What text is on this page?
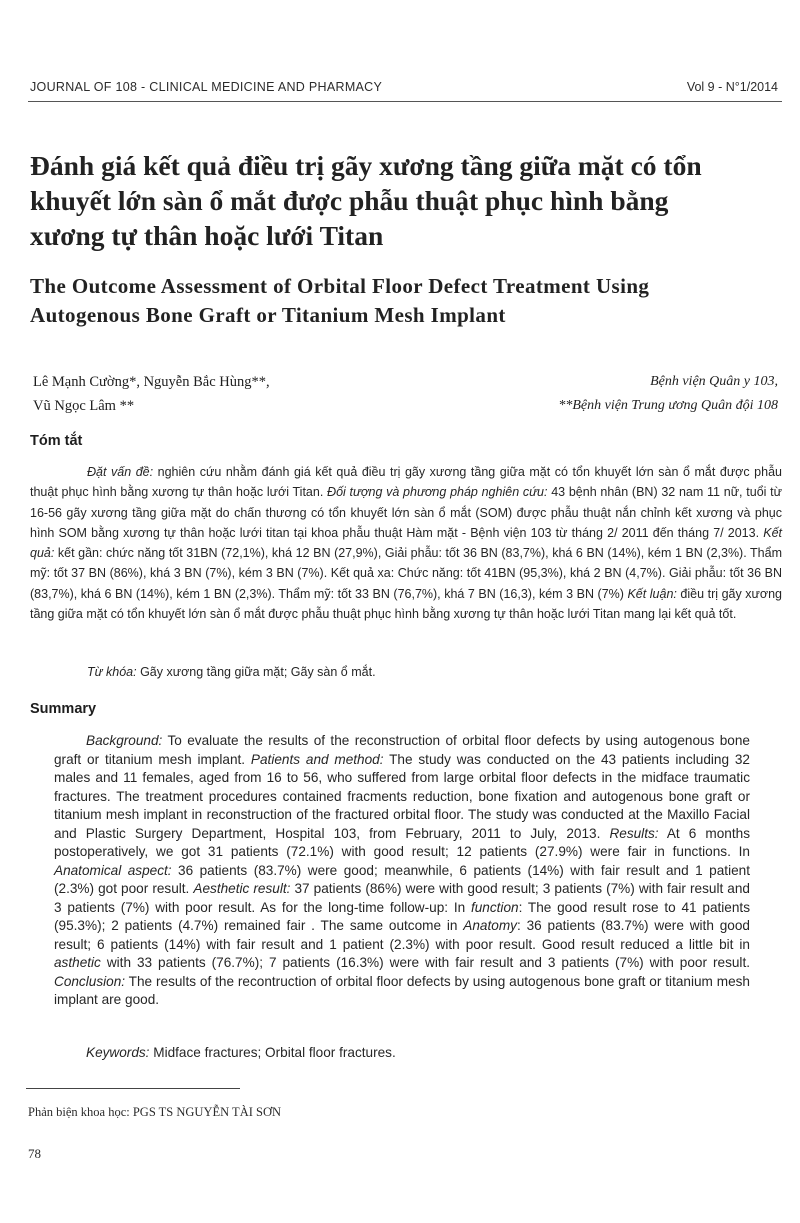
JOURNAL OF 108 - CLINICAL MEDICINE AND PHARMACY	Vol 9 - N°1/2014
Đánh giá kết quả điều trị gãy xương tầng giữa mặt có tổn
khuyết lớn sàn ổ mắt được phẫu thuật phục hình bằng
xương tự thân hoặc lưới Titan
The Outcome Assessment of Orbital Floor Defect Treatment Using
Autogenous Bone Graft or Titanium Mesh Implant
Lê Mạnh Cường*, Nguyễn Bắc Hùng**,
Vũ Ngọc Lâm **
Bệnh viện Quân y 103,
**Bệnh viện Trung ương Quân đội 108
Tóm tắt
Đặt vấn đề: nghiên cứu nhằm đánh giá kết quả điều trị gãy xương tầng giữa mặt có tổn khuyết lớn sàn ổ mắt được phẫu thuật phục hình bằng xương tự thân hoặc lưới Titan. Đối tượng và phương pháp nghiên cứu: 43 bệnh nhân (BN) 32 nam 11 nữ, tuổi từ 16-56 gãy xương tầng giữa mặt do chấn thương có tổn khuyết lớn sàn ổ mắt (SOM) được phẫu thuật nắn chỉnh kết xương và phục hình SOM bằng xương tự thân hoặc lưới titan tại khoa phẫu thuật Hàm mặt - Bệnh viện 103 từ tháng 2/ 2011 đến tháng 7/ 2013. Kết quả: kết gần: chức năng tốt 31BN (72,1%), khá 12 BN (27,9%), Giải phẫu: tốt 36 BN (83,7%), khá 6 BN (14%), kém 1 BN (2,3%). Thẩm mỹ: tốt 37 BN (86%), khá 3 BN (7%), kém 3 BN (7%). Kết quả xa: Chức năng: tốt 41BN (95,3%), khá 2 BN (4,7%). Giải phẫu: tốt 36 BN (83,7%), khá 6 BN (14%), kém 1 BN (2,3%). Thẩm mỹ: tốt 33 BN (76,7%), khá 7 BN (16,3), kém 3 BN (7%) Kết luận: điều trị gãy xương tầng giữa mặt có tổn khuyết lớn sàn ổ mắt được phẫu thuật phục hình bằng xương tự thân hoặc lưới Titan mang lại kết quả tốt.
Từ khóa: Gãy xương tầng giữa mặt; Gãy sàn ổ mắt.
Summary
Background: To evaluate the results of the reconstruction of orbital floor defects by using autogenous bone graft or titanium mesh implant. Patients and method: The study was conducted on the 43 patients including 32 males and 11 females, aged from 16 to 56, who suffered from large orbital floor defects in the midface traumatic fractures. The treatment procedures contained fracments reduction, bone fixation and autogenous bone graft or titanium mesh implant in reconstruction of the fractured orbital floor. The study was conducted at the Maxillo Facial and Plastic Surgery Department, Hospital 103, from February, 2011 to July, 2013. Results: At 6 months postoperatively, we got 31 patients (72.1%) with good result; 12 patients (27.9%) were fair in functions. In Anatomical aspect: 36 patients (83.7%) were good; meanwhile, 6 patients (14%) with fair result and 1 patient (2.3%) got poor result. Aesthetic result: 37 patients (86%) were with good result; 3 patients (7%) with fair result and 3 patients (7%) with poor result. As for the long-time follow-up: In function: The good result rose to 41 patients (95.3%); 2 patients (4.7%) remained fair . The same outcome in Anatomy: 36 patients (83.7%) were with good result; 6 patients (14%) with fair result and 1 patient (2.3%) with poor result. Good result reduced a little bit in asthetic with 33 patients (76.7%); 7 patients (16.3%) were with fair result and 3 patients (7%) with poor result. Conclusion: The results of the recontruction of orbital floor defects by using autogenous bone graft or titanium mesh implant are good.
Keywords: Midface fractures; Orbital floor fractures.
Phản biện khoa học: PGS TS NGUYỄN TÀI SƠN
78
